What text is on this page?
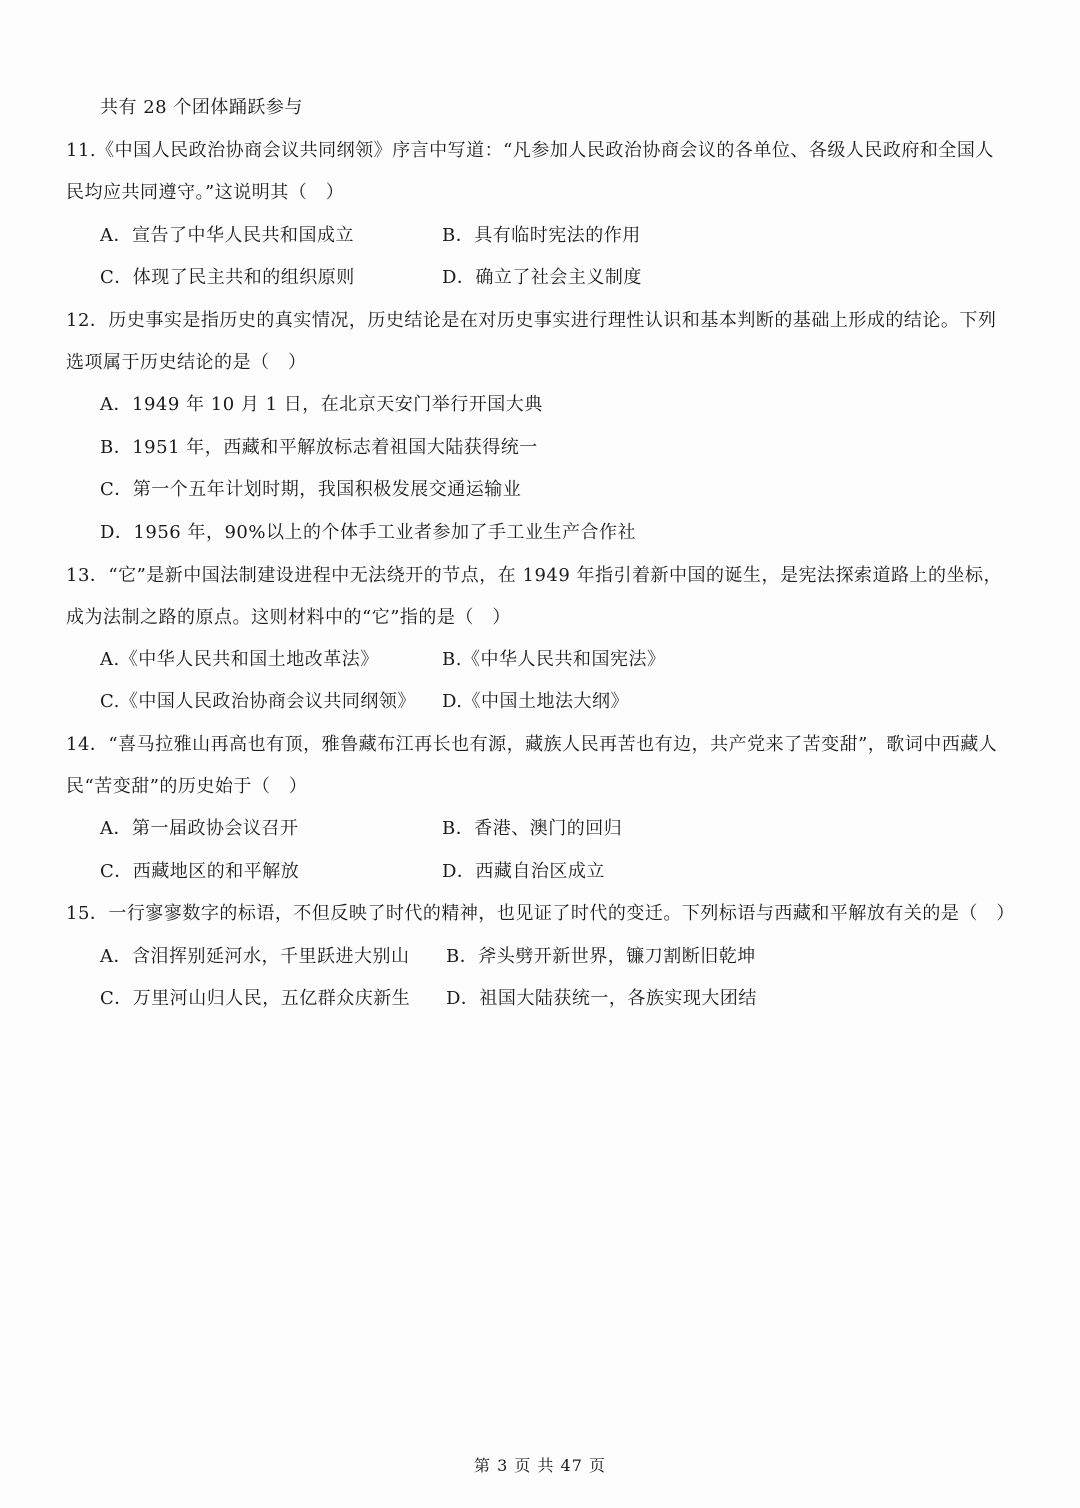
共有 28 个团体踊跃参与
11.《中国人民政治协商会议共同纲领》序言中写道：“凡参加人民政治协商会议的各单位、各级人民政府和全国人
民均应共同遵守。”这说明其（　）
A．宣告了中华人民共和国成立	B．具有临时宪法的作用
C．体现了民主共和的组织原则	D．确立了社会主义制度
12．历史事实是指历史的真实情况，历史结论是在对历史事实进行理性认识和基本判断的基础上形成的结论。下列
选项属于历史结论的是（　）
A．1949 年 10 月 1 日，在北京天安门举行开国大典
B．1951 年，西藏和平解放标志着祖国大陆获得统一
C．第一个五年计划时期，我国积极发展交通运输业
D．1956 年，90%以上的个体手工业者参加了手工业生产合作社
13．“它”是新中国法制建设进程中无法绕开的节点，在 1949 年指引着新中国的诞生，是宪法探索道路上的坐标，
成为法制之路的原点。这则材料中的“它”指的是（　）
A.《中华人民共和国土地改革法》	B.《中华人民共和国宪法》
C.《中国人民政治协商会议共同纲领》 D.《中国土地法大纲》
14．“喜马拉雅山再高也有顶，雅鲁藏布江再长也有源，藏族人民再苦也有边，共产党来了苦变甜”，歌词中西藏人
民“苦变甜”的历史始于（　）
A．第一届政协会议召开	B．香港、澳门的回归
C．西藏地区的和平解放	D．西藏自治区成立
15．一行寥寥数字的标语，不但反映了时代的精神，也见证了时代的变迁。下列标语与西藏和平解放有关的是（　）
A．含泪挥别延河水，千里跃进大别山 B．斧头劈开新世界，镰刀割断旧乾坤
C．万里河山归人民，五亿群众庆新生 D．祖国大陆获统一，各族实现大团结
第 3 页 共 47 页
